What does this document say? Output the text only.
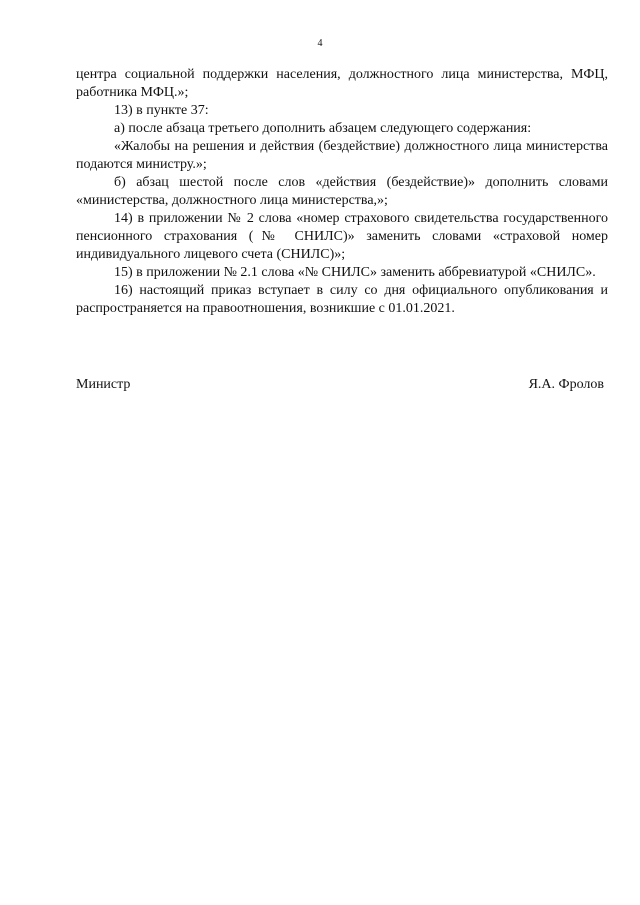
4

центра социальной поддержки населения, должностного лица министерства, МФЦ, работника МФЦ.»;

13) в пункте 37:

а) после абзаца третьего дополнить абзацем следующего содержания:

«Жалобы на решения и действия (бездействие) должностного лица министерства подаются министру.»;

б) абзац шестой после слов «действия (бездействие)» дополнить словами «министерства, должностного лица министерства,»;

14) в приложении № 2 слова «номер страхового свидетельства государственного пенсионного страхования (№ СНИЛС)» заменить словами «страховой номер индивидуального лицевого счета (СНИЛС)»;

15) в приложении № 2.1 слова «№ СНИЛС» заменить аббревиатурой «СНИЛС».

16) настоящий приказ вступает в силу со дня официального опубликования и распространяется на правоотношения, возникшие с 01.01.2021.

Министр	Я.А. Фролов
